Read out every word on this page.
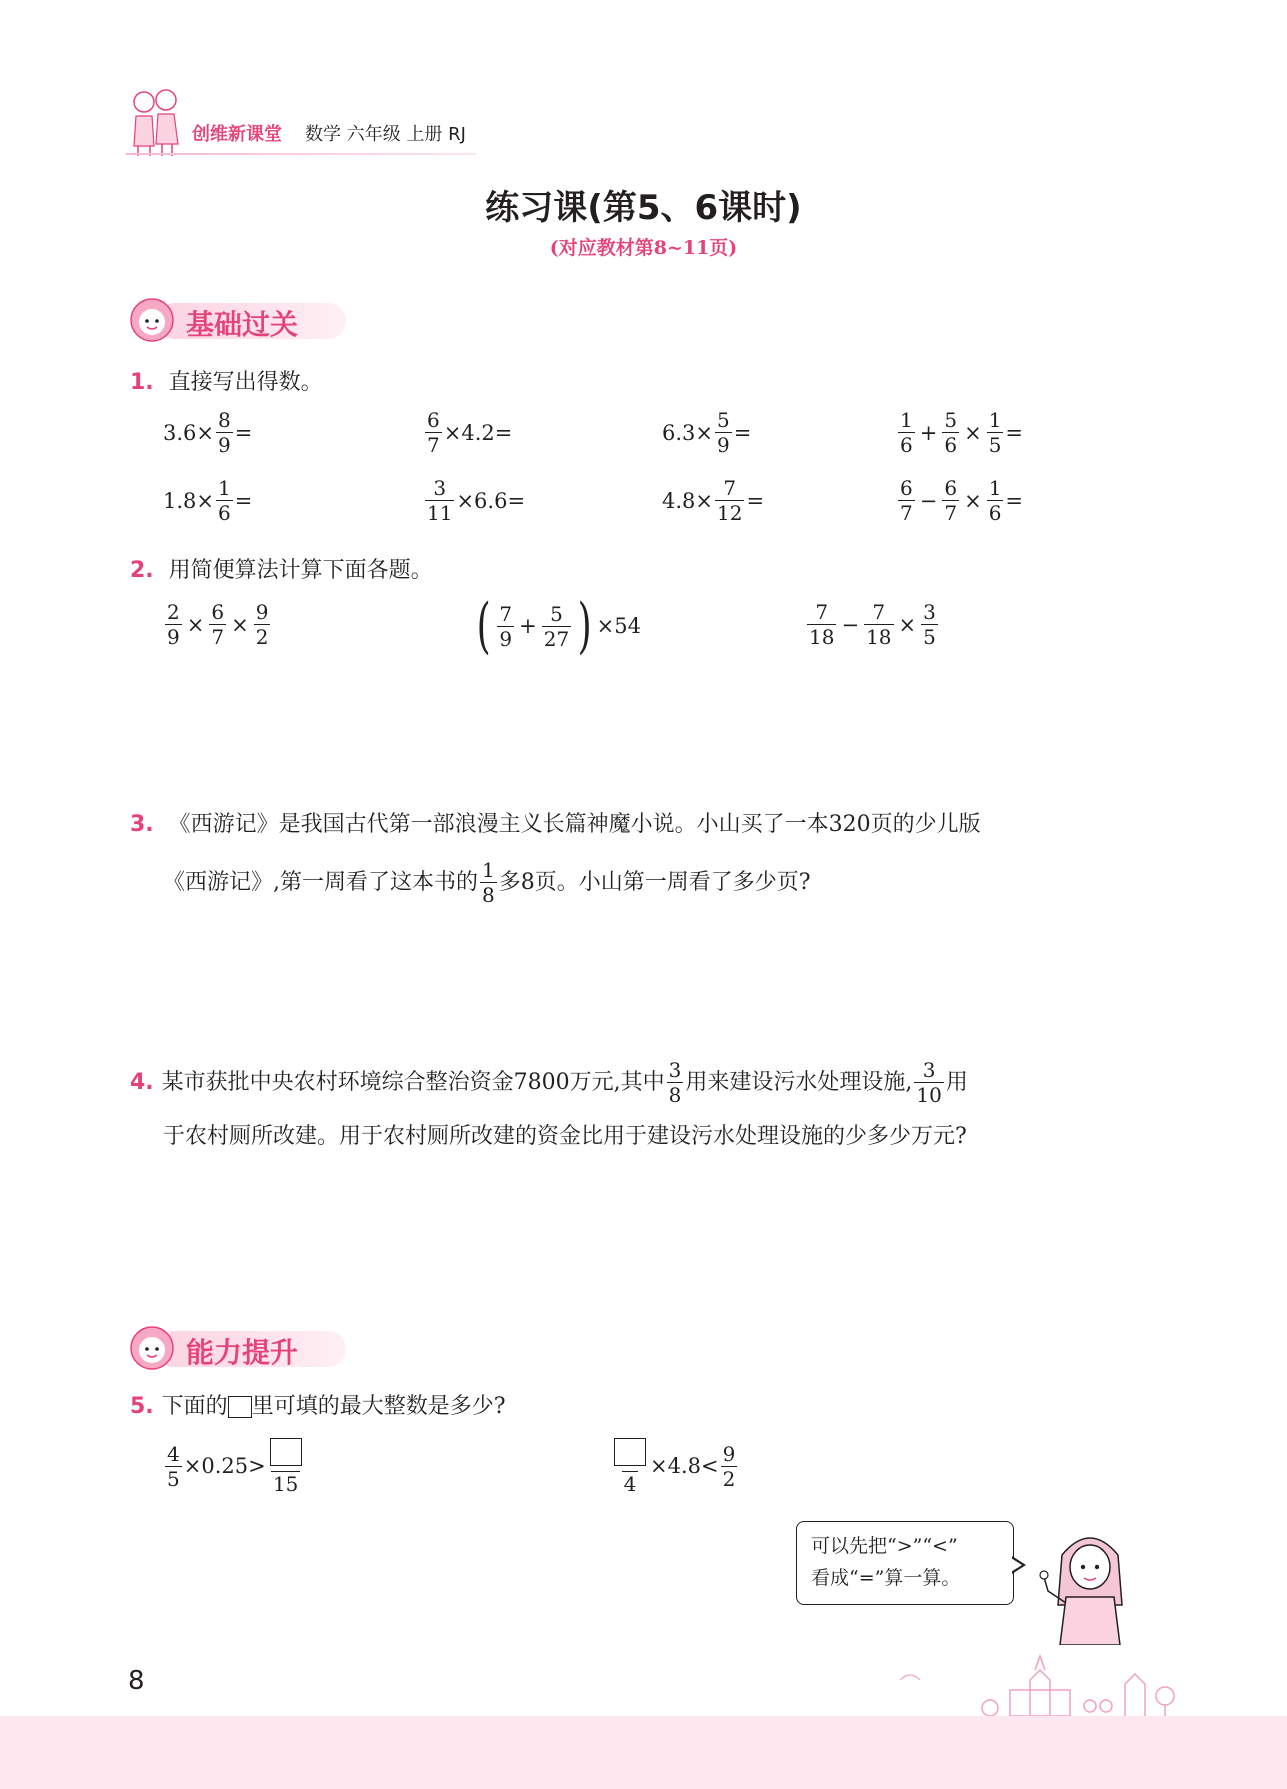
创维新课堂 数学 六年级 上册 RJ
练习课(第5、6课时)
(对应教材第8~11页)
基础过关
1. 直接写出得数。
$3.6\times \frac{8}{9}$ =	$\frac{6}{7} \times 4.2=$	$6.3\times \frac{5}{9}$ =	$\frac{1}{6} + \frac{5}{6} \times \frac{1}{5}$ =
$1.8\times \frac{1}{6}$ =	$\frac{3}{11} \times 6.6=$	$4.8\times \frac{7}{12}$ =	$\frac{6}{7} - \frac{6}{7} \times \frac{1}{6}$ =
2. 用简便算法计算下面各题。
$\frac{2}{9} \times \frac{6}{7} \times \frac{9}{2}$	( $\frac{7}{9} + \frac{5}{27}$ ) ×54	$\frac{7}{18} - \frac{7}{18} \times \frac{3}{5}$
3. 《西游记》是我国古代第一部浪漫主义长篇神魔小说。小山买了一本320页的少儿版
《西游记》,第一周看了这本书的 $\frac{1}{8}$ 多8页。小山第一周看了多少页?
4. 某市获批中央农村环境综合整治资金7800万元,其中 $\frac{3}{8}$ 用来建设污水处理设施, $\frac{3}{10}$ 用
于农村厕所改建。用于农村厕所改建的资金比用于建设污水处理设施的少多少万元?
能力提升
5. 下面的 里可填的最大整数是多少?
$\frac{4}{5} \times 0.25>$
15	4
$\times 4.8< \frac{9}{2}$
可以先把“>”“<”
看成“=”算一算。
8
